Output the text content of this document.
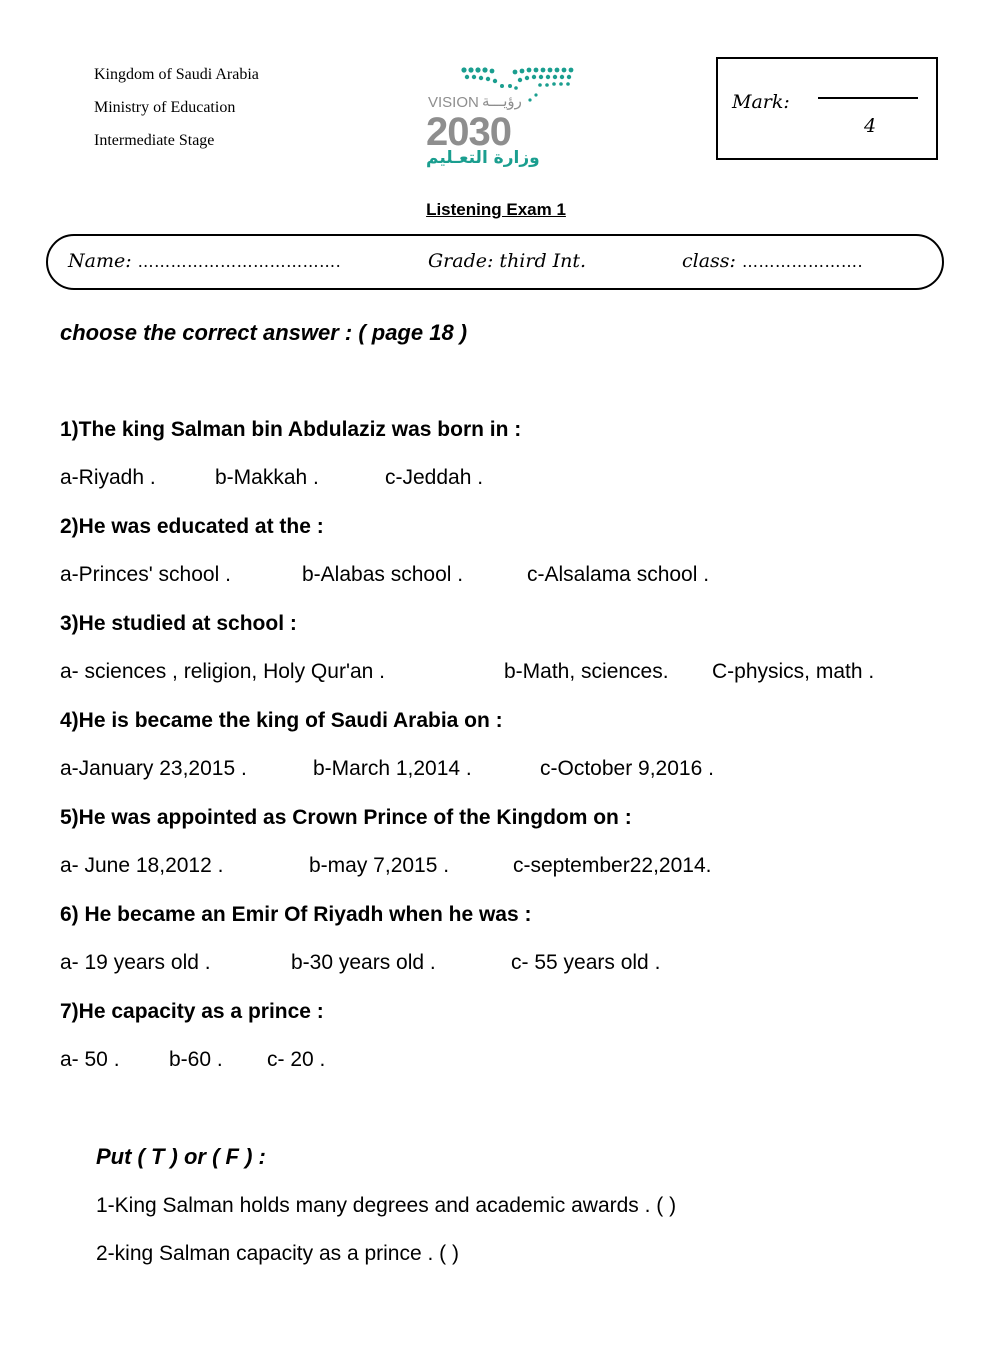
Kingdom of Saudi Arabia
Ministry of Education
Intermediate Stage
VISION رؤيـــة
2030
وزارة التعـليم
Mark:
4
Listening Exam 1
Name: ……………………………….	Grade: third Int.	class: ………………….
choose the correct answer : ( page 18 )
1)The king Salman bin Abdulaziz was born in :
a-Riyadh .	b-Makkah .	c-Jeddah .
2)He was educated at the :
a-Princes' school .	b-Alabas school .	c-Alsalama school .
3)He studied at school :
a- sciences , religion, Holy Qur'an .	b-Math, sciences. C-physics, math .
4)He is became the king of Saudi Arabia on :
a-January 23,2015 .	b-March 1,2014 .	c-October 9,2016 .
5)He was appointed as Crown Prince of the Kingdom on :
a- June 18,2012 .	b-may 7,2015 .	c-september22,2014.
6) He became an Emir Of Riyadh when he was :
a- 19 years old .	b-30 years old .	c- 55 years old .
7)He capacity as a prince :
a- 50 . b-60 . c- 20 .
Put ( T ) or ( F ) :
1-King Salman holds many degrees and academic awards . ( )
2-king Salman capacity as a prince . ( )
